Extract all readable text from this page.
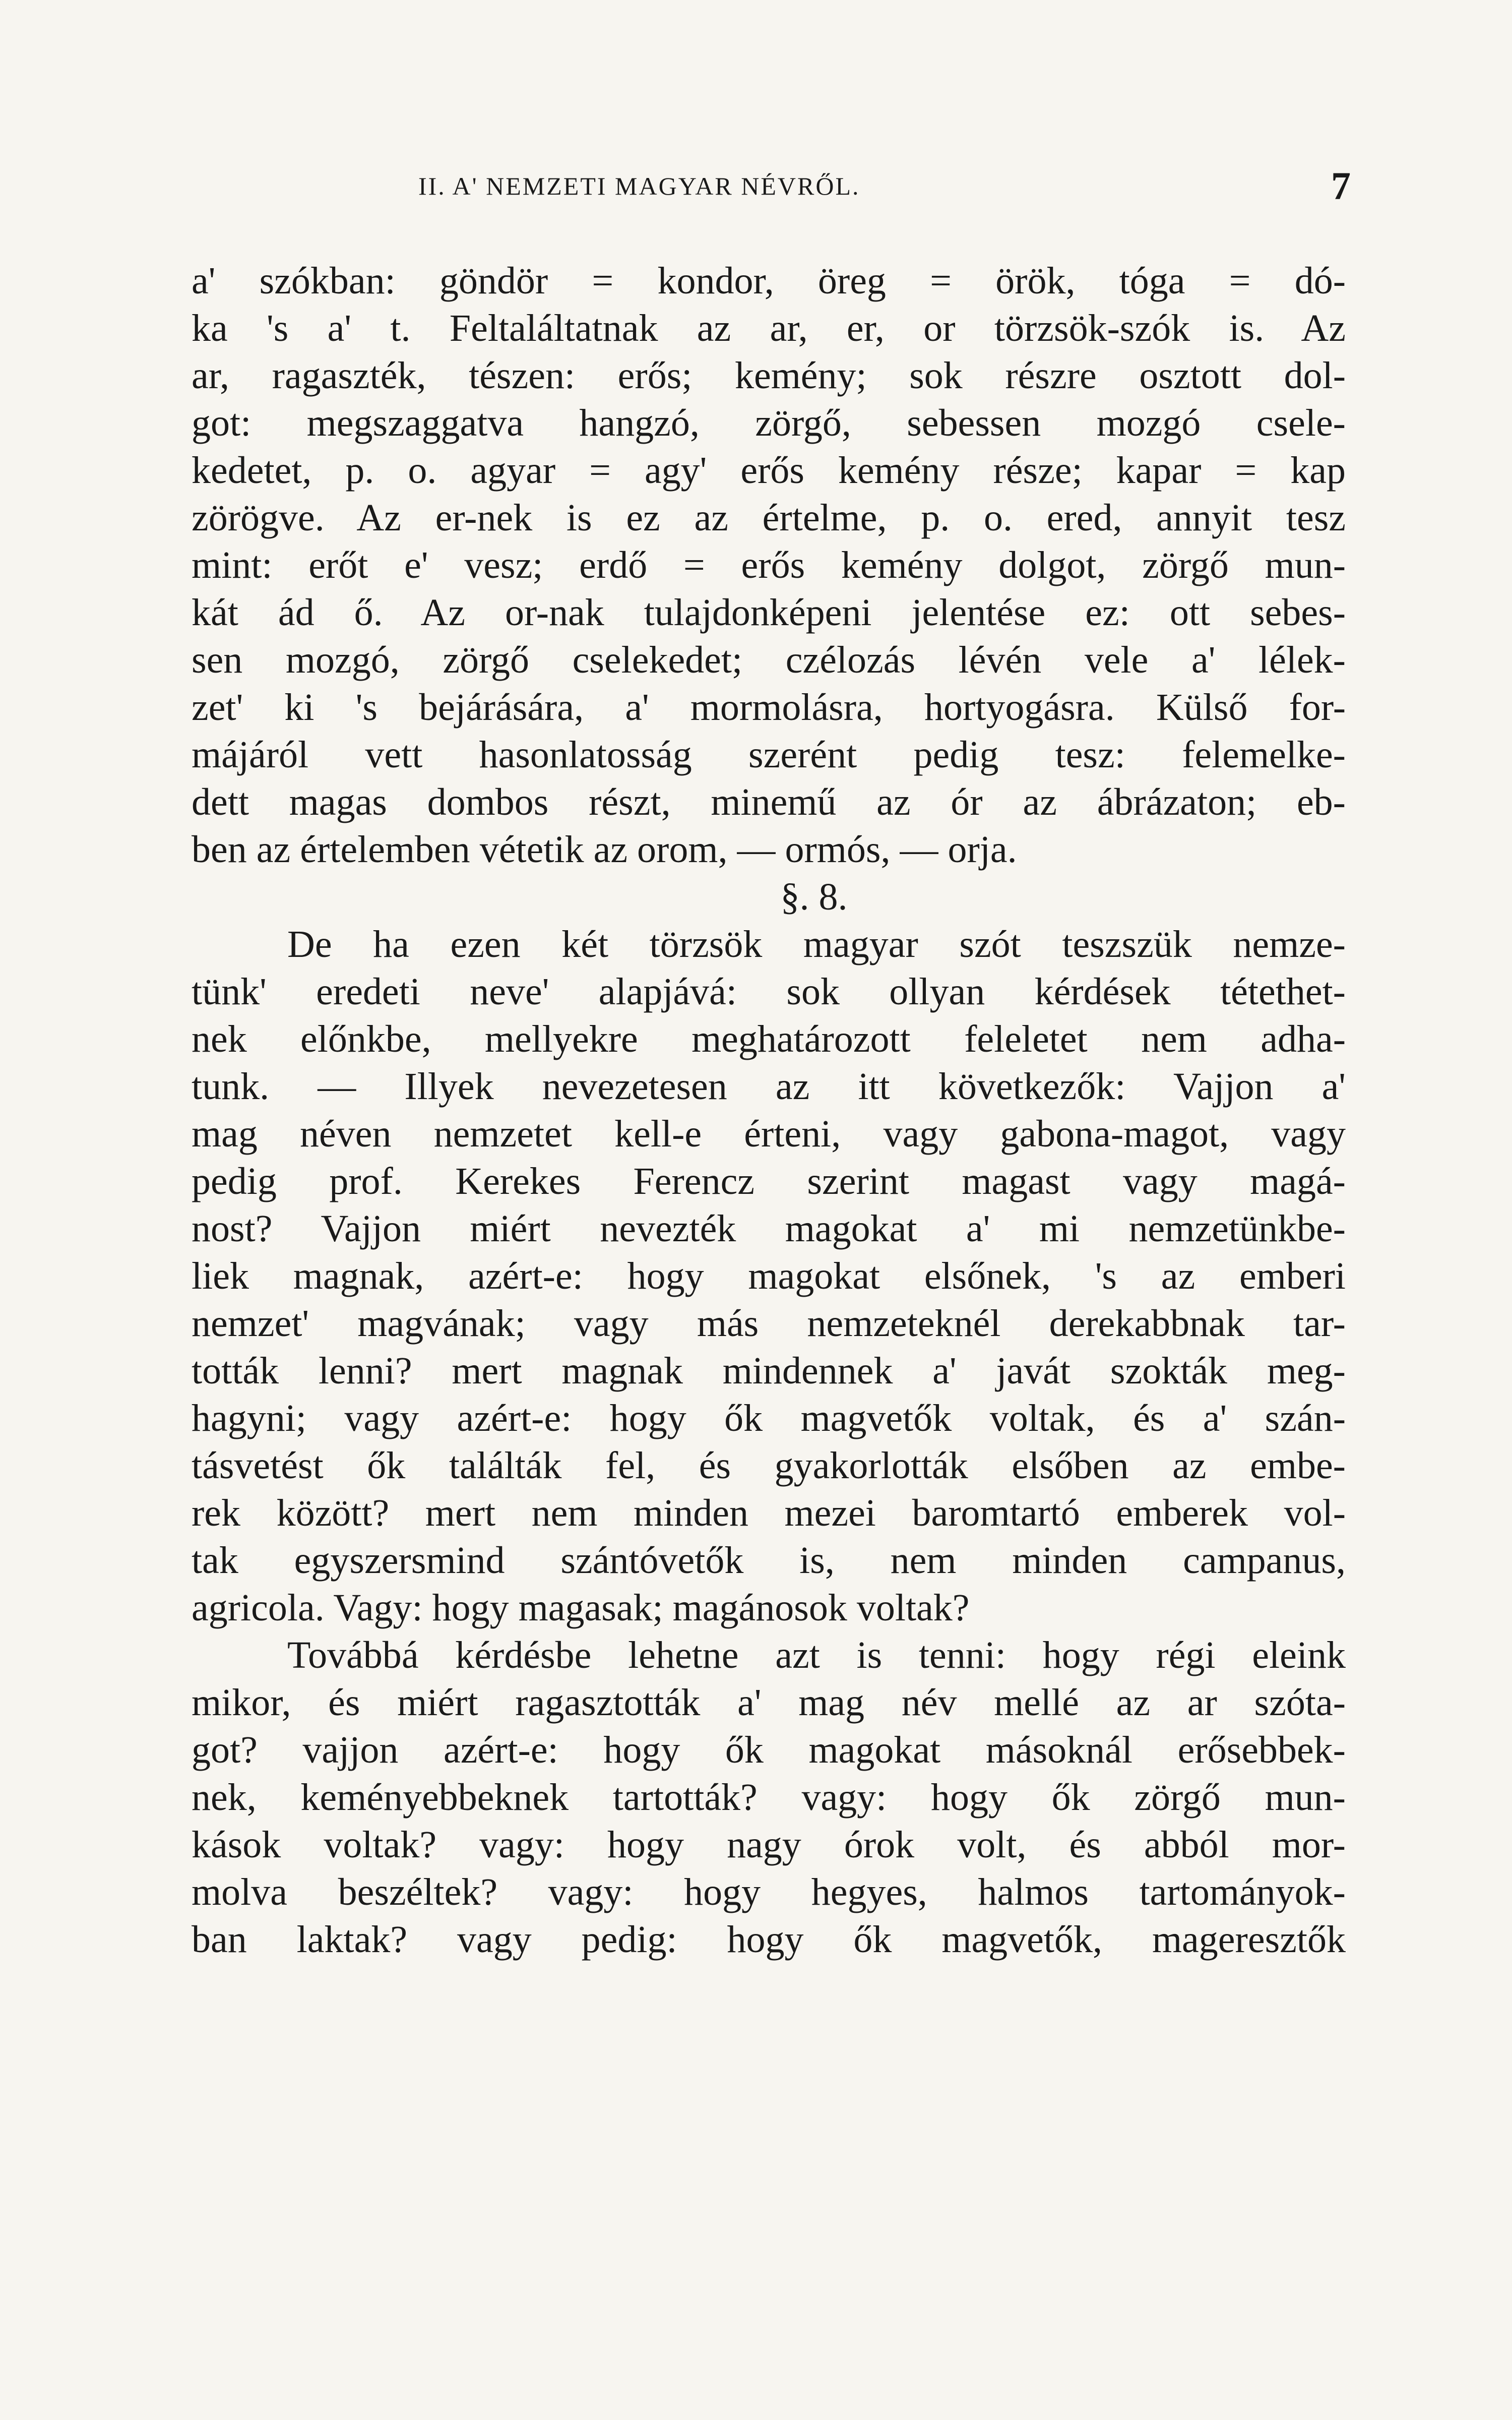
II. A' NEMZETI MAGYAR NÉVRŐL.	7
a' szókban: göndör = kondor, öreg = örök, tóga = dó-
ka 's a' t. Feltaláltatnak az ar, er, or törzsök-szók is. Az
ar, ragaszték, tészen: erős; kemény; sok részre osztott dol-
got: megszaggatva hangzó, zörgő, sebessen mozgó csele-
kedetet, p. o. agyar = agy' erős kemény része; kapar = kap
zörögve. Az er-nek is ez az értelme, p. o. ered, annyit tesz
mint: erőt e' vesz; erdő = erős kemény dolgot, zörgő mun-
kát ád ő. Az or-nak tulajdonképeni jelentése ez: ott sebes-
sen mozgó, zörgő cselekedet; czélozás lévén vele a' lélek-
zet' ki 's bejárására, a' mormolásra, hortyogásra. Külső for-
májáról vett hasonlatosság szerént pedig tesz: felemelke-
dett magas dombos részt, minemű az ór az ábrázaton; eb-
ben az értelemben vétetik az orom, — ormós, — orja.
§. 8.
De ha ezen két törzsök magyar szót teszszük nemze-
tünk' eredeti neve' alapjává: sok ollyan kérdések tétethet-
nek előnkbe, mellyekre meghatározott feleletet nem adha-
tunk. — Illyek nevezetesen az itt következők: Vajjon a'
mag néven nemzetet kell-e érteni, vagy gabona-magot, vagy
pedig prof. Kerekes Ferencz szerint magast vagy magá-
nost? Vajjon miért nevezték magokat a' mi nemzetünkbe-
liek magnak, azért-e: hogy magokat elsőnek, 's az emberi
nemzet' magvának; vagy más nemzeteknél derekabbnak tar-
tották lenni? mert magnak mindennek a' javát szokták meg-
hagyni; vagy azért-e: hogy ők magvetők voltak, és a' szán-
tásvetést ők találták fel, és gyakorlották elsőben az embe-
rek között? mert nem minden mezei baromtartó emberek vol-
tak egyszersmind szántóvetők is, nem minden campanus,
agricola. Vagy: hogy magasak; magánosok voltak?
Továbbá kérdésbe lehetne azt is tenni: hogy régi eleink
mikor, és miért ragasztották a' mag név mellé az ar szóta-
got? vajjon azért-e: hogy ők magokat másoknál erősebbek-
nek, keményebbeknek tartották? vagy: hogy ők zörgő mun-
kások voltak? vagy: hogy nagy órok volt, és abból mor-
molva beszéltek? vagy: hogy hegyes, halmos tartományok-
ban laktak? vagy pedig: hogy ők magvetők, mageresztők
